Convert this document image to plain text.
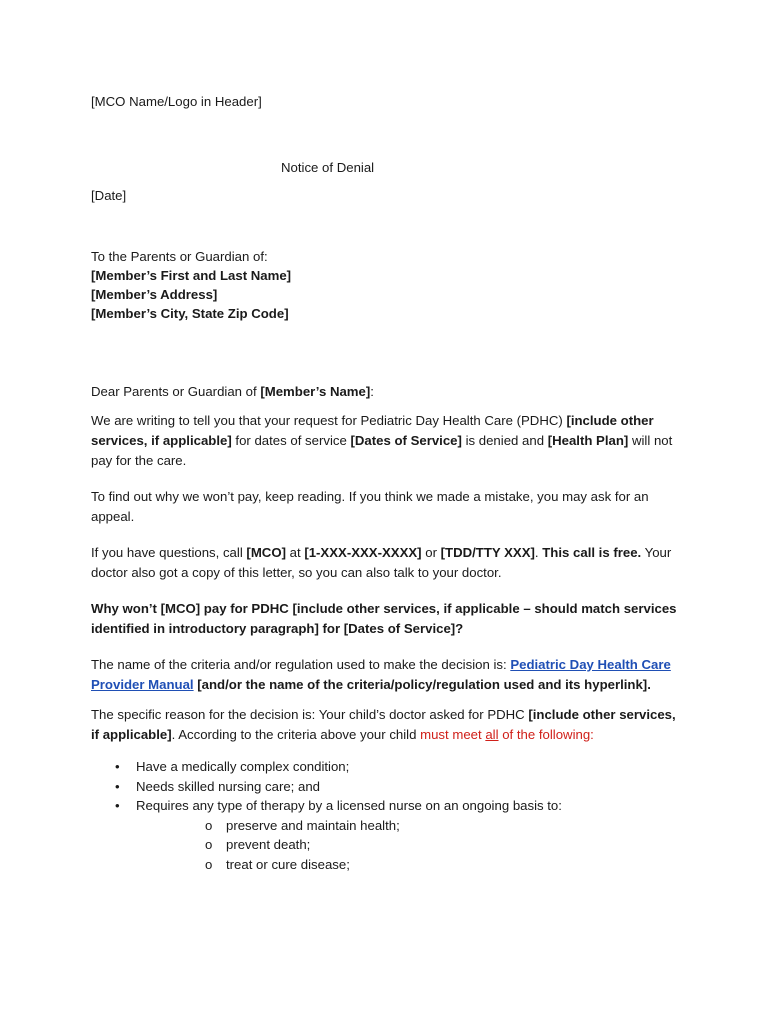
[MCO Name/Logo in Header]
Notice of Denial
[Date]
To the Parents or Guardian of:
[Member’s First and Last Name]
[Member’s Address]
[Member’s City, State Zip Code]
Dear Parents or Guardian of [Member’s Name]:

We are writing to tell you that your request for Pediatric Day Health Care (PDHC) [include other services, if applicable] for dates of service [Dates of Service] is denied and [Health Plan] will not pay for the care.

To find out why we won’t pay, keep reading. If you think we made a mistake, you may ask for an appeal.

If you have questions, call [MCO] at [1-XXX-XXX-XXXX] or [TDD/TTY XXX]. This call is free. Your doctor also got a copy of this letter, so you can also talk to your doctor.

Why won’t [MCO] pay for PDHC [include other services, if applicable – should match services identified in introductory paragraph] for [Dates of Service]?

The name of the criteria and/or regulation used to make the decision is: Pediatric Day Health Care Provider Manual [and/or the name of the criteria/policy/regulation used and its hyperlink].

The specific reason for the decision is: Your child’s doctor asked for PDHC [include other services, if applicable]. According to the criteria above your child must meet all of the following:

• Have a medically complex condition;
• Needs skilled nursing care; and
• Requires any type of therapy by a licensed nurse on an ongoing basis to:
o preserve and maintain health;
o prevent death;
o treat or cure disease;
